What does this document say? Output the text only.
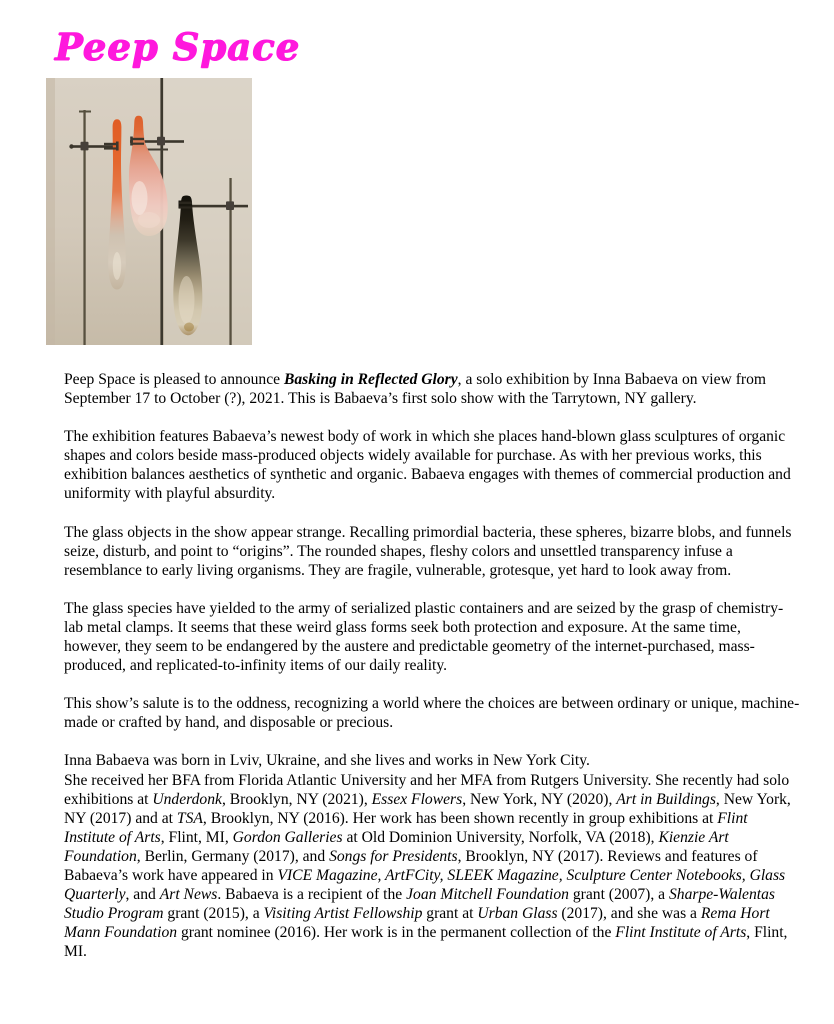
Peep Space

Peep Space is pleased to announce Basking in Reflected Glory, a solo exhibition by Inna Babaeva on view from September 17 to October (?), 2021. This is Babaeva’s first solo show with the Tarrytown, NY gallery.

The exhibition features Babaeva’s newest body of work in which she places hand-blown glass sculptures of organic shapes and colors beside mass-produced objects widely available for purchase. As with her previous works, this exhibition balances aesthetics of synthetic and organic. Babaeva engages with themes of commercial production and uniformity with playful absurdity.

The glass objects in the show appear strange. Recalling primordial bacteria, these spheres, bizarre blobs, and funnels seize, disturb, and point to “origins”. The rounded shapes, fleshy colors and unsettled transparency infuse a resemblance to early living organisms. They are fragile, vulnerable, grotesque, yet hard to look away from.

The glass species have yielded to the army of serialized plastic containers and are seized by the grasp of chemistry-lab metal clamps. It seems that these weird glass forms seek both protection and exposure. At the same time, however, they seem to be endangered by the austere and predictable geometry of the internet-purchased, mass-produced, and replicated-to-infinity items of our daily reality.

This show’s salute is to the oddness, recognizing a world where the choices are between ordinary or unique, machine-made or crafted by hand, and disposable or precious.

Inna Babaeva was born in Lviv, Ukraine, and she lives and works in New York City.
She received her BFA from Florida Atlantic University and her MFA from Rutgers University. She recently had solo exhibitions at Underdonk, Brooklyn, NY (2021), Essex Flowers, New York, NY (2020), Art in Buildings, New York, NY (2017) and at TSA, Brooklyn, NY (2016). Her work has been shown recently in group exhibitions at Flint Institute of Arts, Flint, MI, Gordon Galleries at Old Dominion University, Norfolk, VA (2018), Kienzie Art Foundation, Berlin, Germany (2017), and Songs for Presidents, Brooklyn, NY (2017). Reviews and features of Babaeva’s work have appeared in VICE Magazine, ArtFCity, SLEEK Magazine, Sculpture Center Notebooks, Glass Quarterly, and Art News. Babaeva is a recipient of the Joan Mitchell Foundation grant (2007), a Sharpe-Walentas Studio Program grant (2015), a Visiting Artist Fellowship grant at Urban Glass (2017), and she was a Rema Hort Mann Foundation grant nominee (2016). Her work is in the permanent collection of the Flint Institute of Arts, Flint, MI.
